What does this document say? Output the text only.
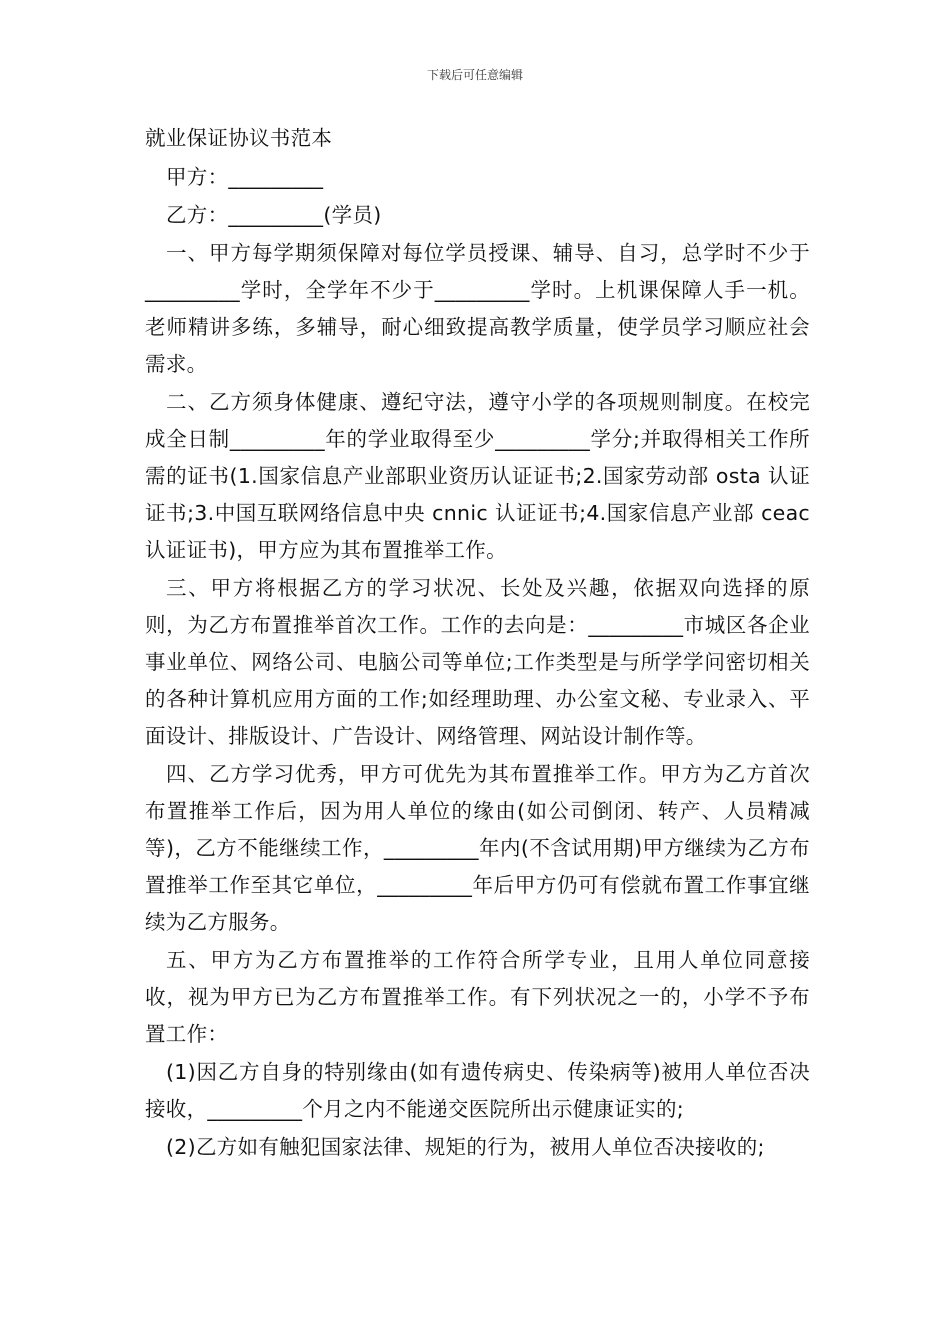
下载后可任意编辑
就业保证协议书范本
甲方：_________
乙方：_________(学员)
一、甲方每学期须保障对每位学员授课、辅导、自习，总学时不少于_________学时，全学年不少于_________学时。上机课保障人手一机。老师精讲多练，多辅导，耐心细致提高教学质量，使学员学习顺应社会需求。
二、乙方须身体健康、遵纪守法，遵守小学的各项规则制度。在校完成全日制_________年的学业取得至少_________学分;并取得相关工作所需的证书(1.国家信息产业部职业资历认证证书;2.国家劳动部 osta 认证证书;3.中国互联网络信息中央 cnnic 认证证书;4.国家信息产业部 ceac 认证证书)，甲方应为其布置推举工作。
三、甲方将根据乙方的学习状况、长处及兴趣，依据双向选择的原则，为乙方布置推举首次工作。工作的去向是：_________市城区各企业事业单位、网络公司、电脑公司等单位;工作类型是与所学学问密切相关的各种计算机应用方面的工作;如经理助理、办公室文秘、专业录入、平面设计、排版设计、广告设计、网络管理、网站设计制作等。
四、乙方学习优秀，甲方可优先为其布置推举工作。甲方为乙方首次布置推举工作后，因为用人单位的缘由(如公司倒闭、转产、人员精减等)，乙方不能继续工作，_________年内(不含试用期)甲方继续为乙方布置推举工作至其它单位，_________年后甲方仍可有偿就布置工作事宜继续为乙方服务。
五、甲方为乙方布置推举的工作符合所学专业，且用人单位同意接收，视为甲方已为乙方布置推举工作。有下列状况之一的，小学不予布置工作：
(1)因乙方自身的特别缘由(如有遗传病史、传染病等)被用人单位否决接收，_________个月之内不能递交医院所出示健康证实的;
(2)乙方如有触犯国家法律、规矩的行为，被用人单位否决接收的;
